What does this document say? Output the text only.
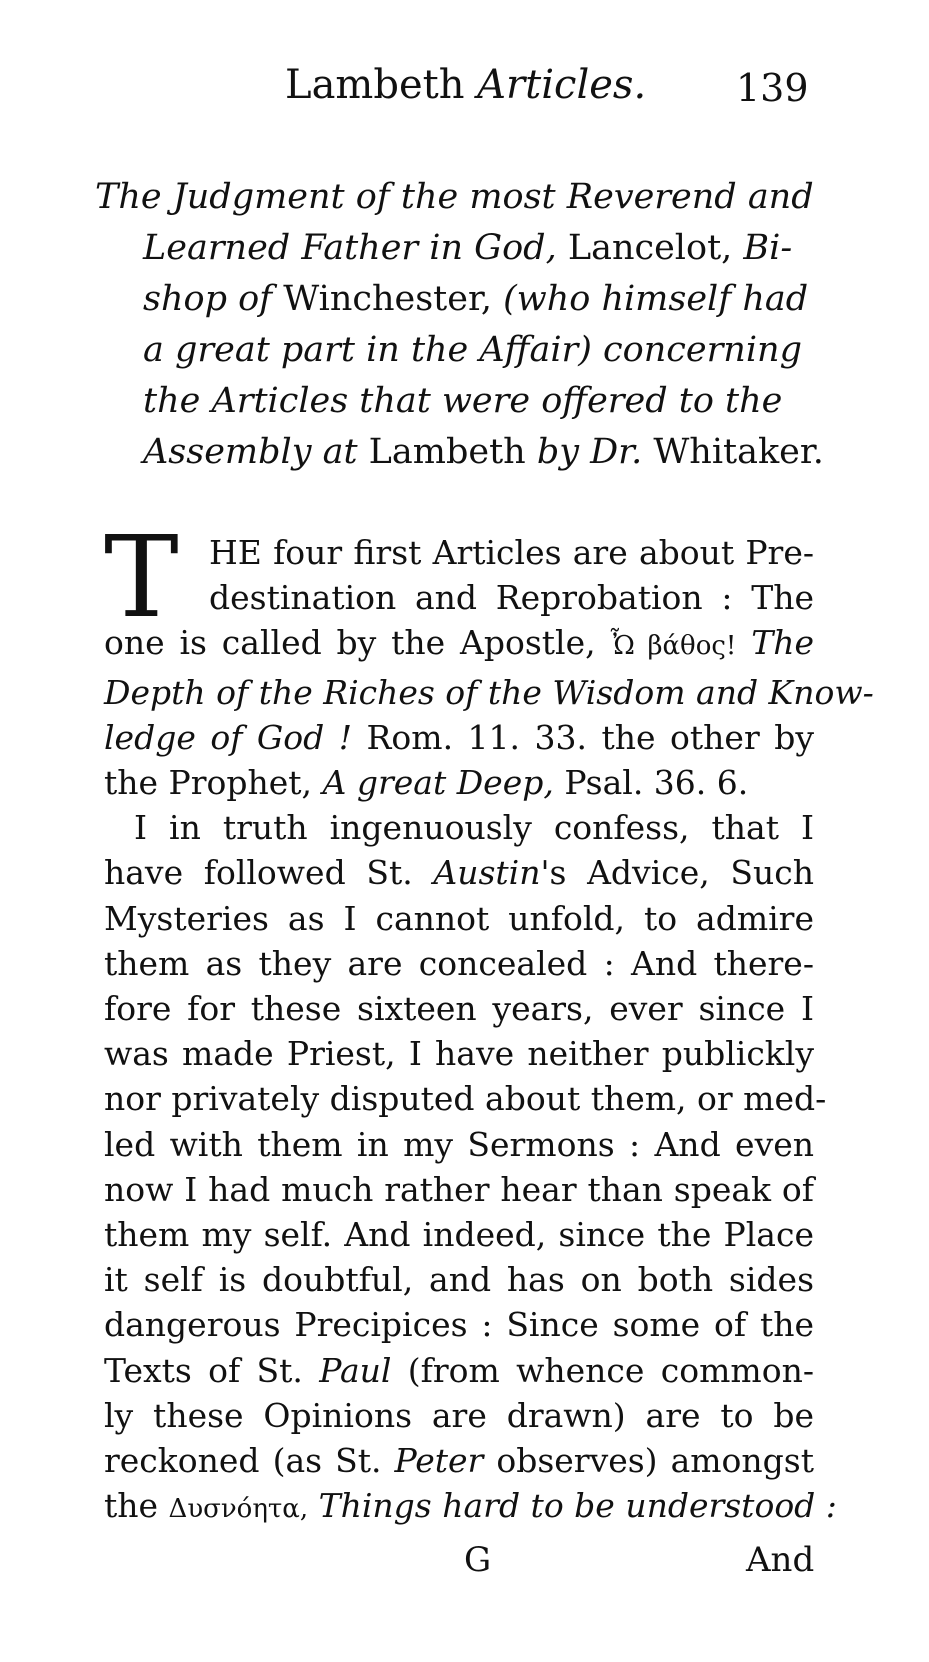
Lambeth Articles. 139
The Judgment of the most Reverend and
Learned Father in God, Lancelot, Bi-
shop of Winchester, (who himself had
a great part in the Affair) concerning
the Articles that were offered to the
Assembly at Lambeth by Dr. Whitaker.
T HE four first Articles are about Pre-
destination and Reprobation : The
one is called by the Apostle, Ὦ βάθος! The
Depth of the Riches of the Wisdom and Know-
ledge of God ! Rom. 11. 33. the other by
the Prophet, A great Deep, Psal. 36. 6.
I in truth ingenuously confess, that I
have followed St. Austin's Advice, Such
Mysteries as I cannot unfold, to admire
them as they are concealed : And there-
fore for these sixteen years, ever since I
was made Priest, I have neither publickly
nor privately disputed about them, or med-
led with them in my Sermons : And even
now I had much rather hear than speak of
them my self. And indeed, since the Place
it self is doubtful, and has on both sides
dangerous Precipices : Since some of the
Texts of St. Paul (from whence common-
ly these Opinions are drawn) are to be
reckoned (as St. Peter observes) amongst
the Δυσνόητα, Things hard to be understood :
G	And
